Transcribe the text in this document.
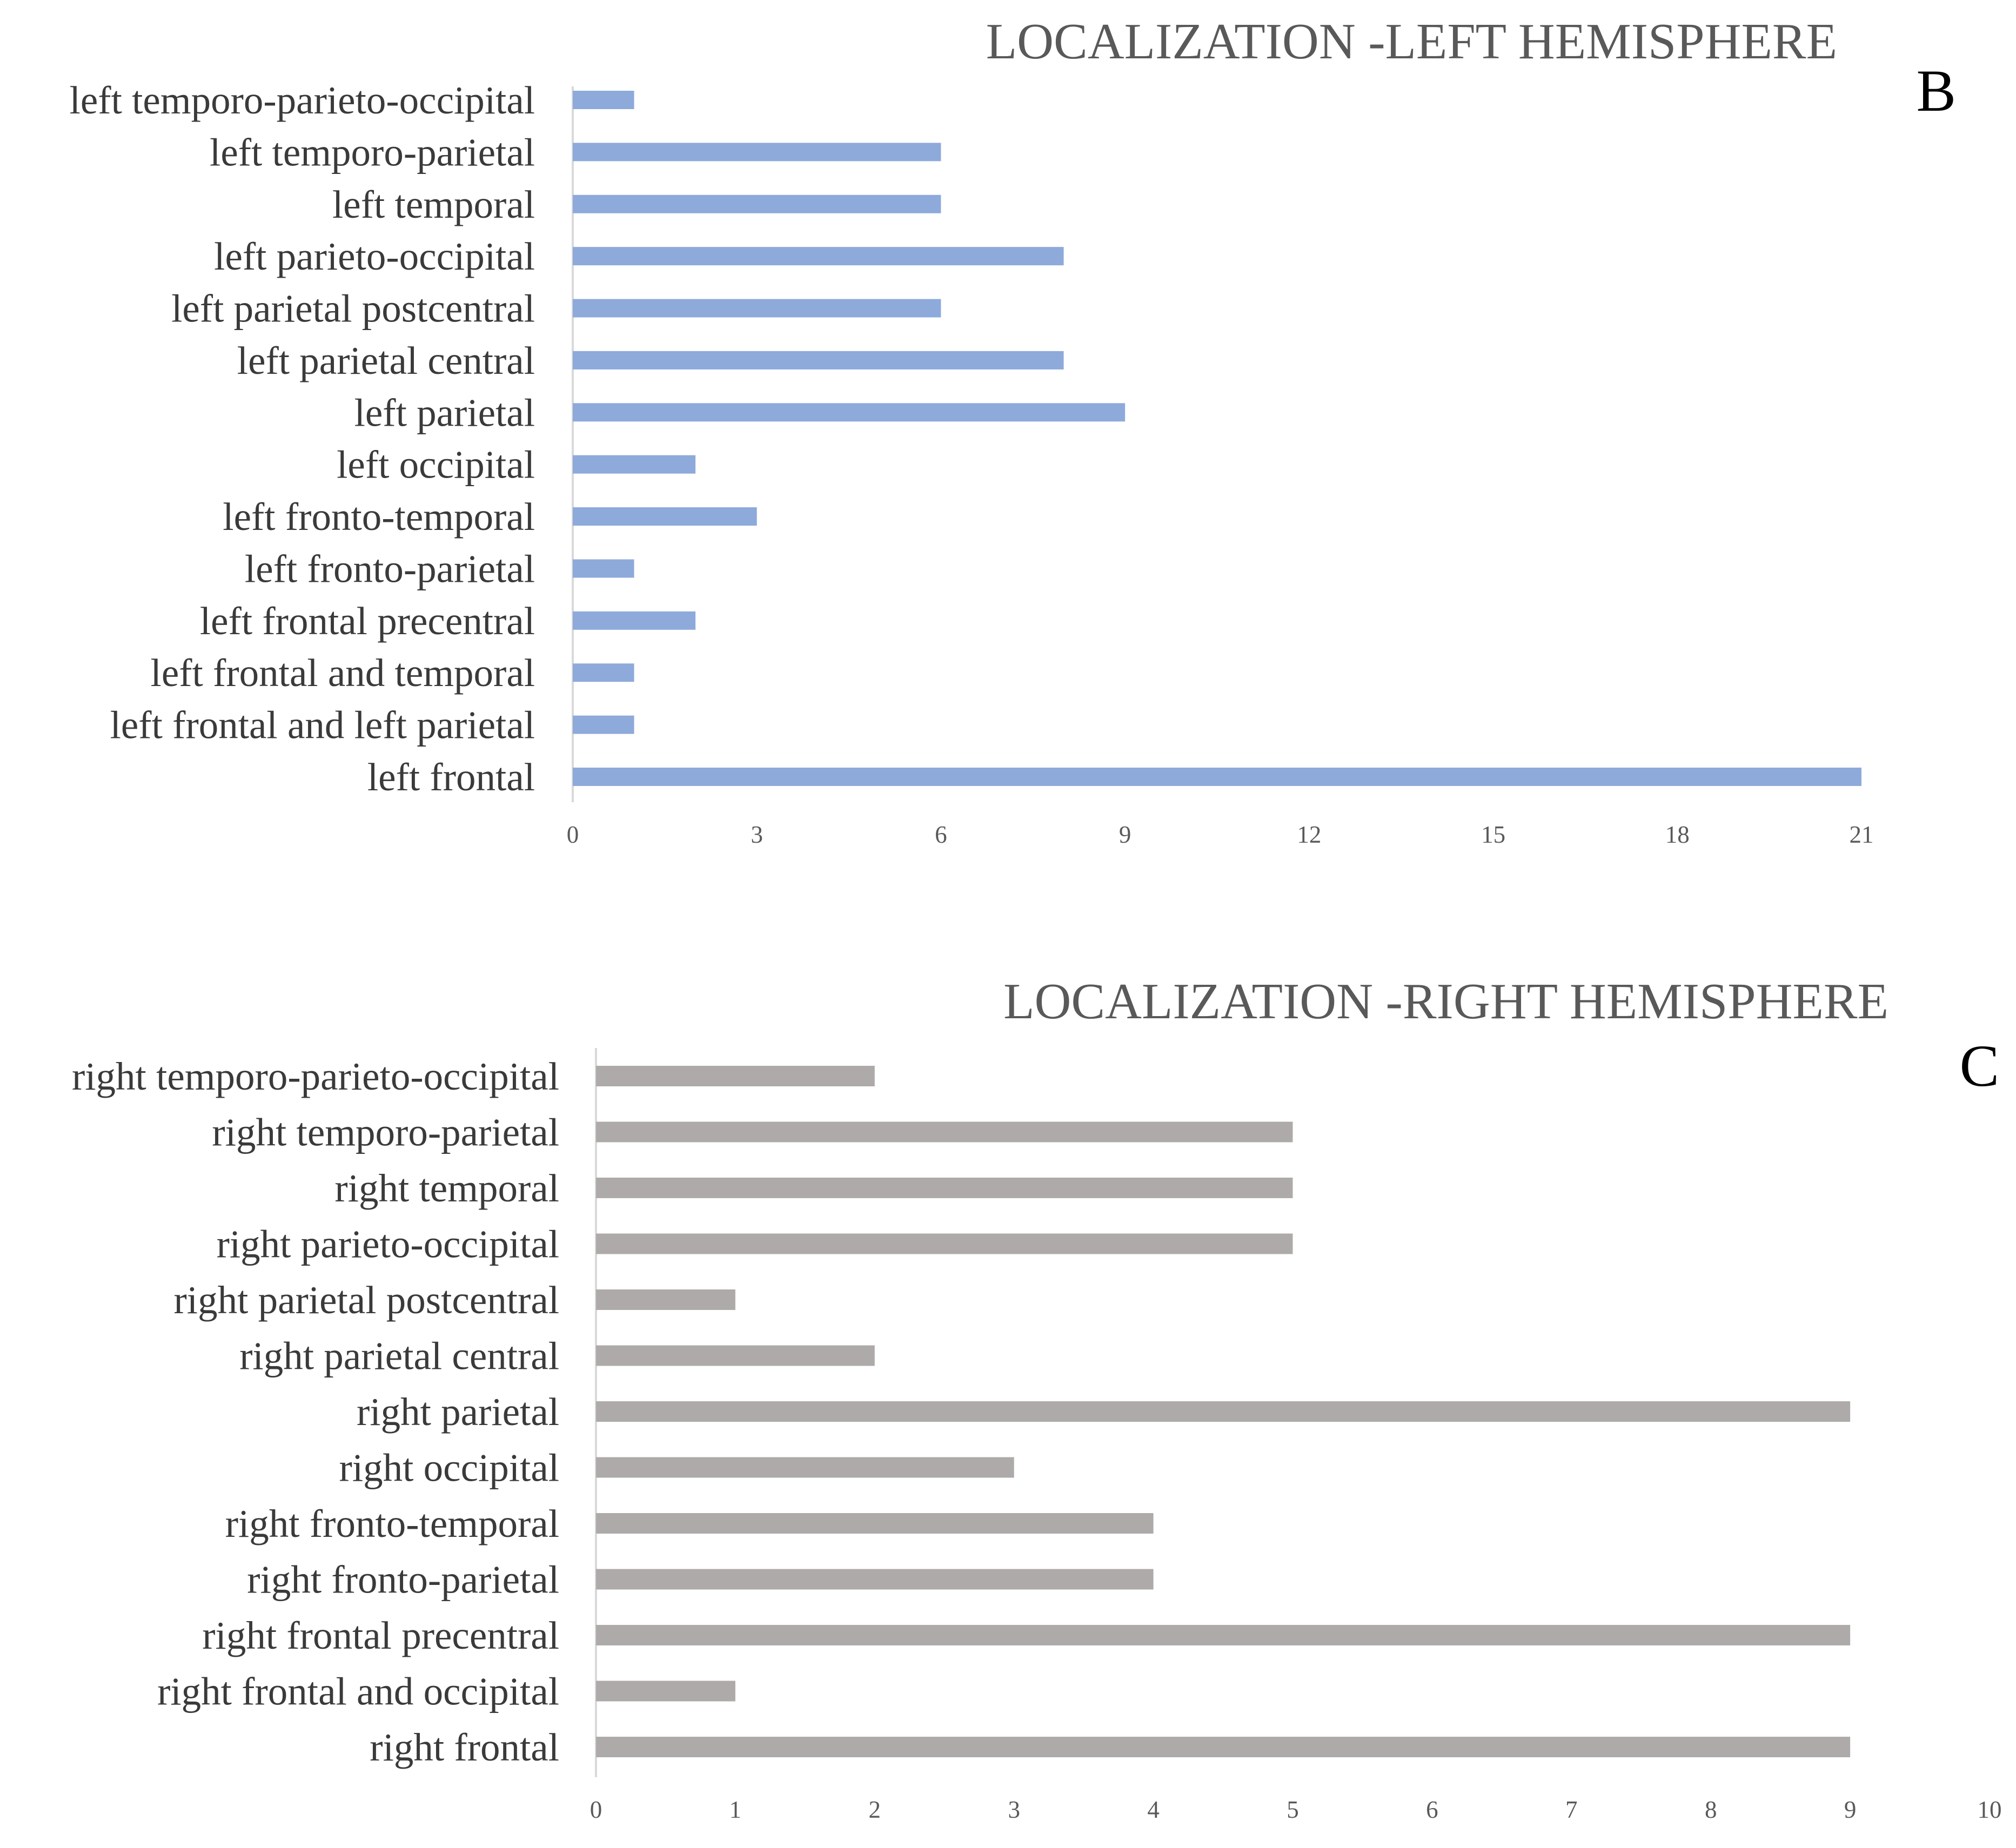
LOCALIZATION -LEFT HEMISPHERE
B
left temporo-parieto-occipital
left temporo-parietal
left temporal
left parieto-occipital
left parietal postcentral
left parietal central
left parietal
left occipital
left fronto-temporal
left fronto-parietal
left frontal precentral
left frontal and temporal
left frontal and left parietal
left frontal
0	3	6	9	12	15	18	21
LOCALIZATION -RIGHT HEMISPHERE
C
right temporo-parieto-occipital
right temporo-parietal
right temporal
right parieto-occipital
right parietal postcentral
right parietal central
right parietal
right occipital
right fronto-temporal
right fronto-parietal
right frontal precentral
right frontal and occipital
right frontal
0	1	2	3	4	5	6	7	8	9	10
